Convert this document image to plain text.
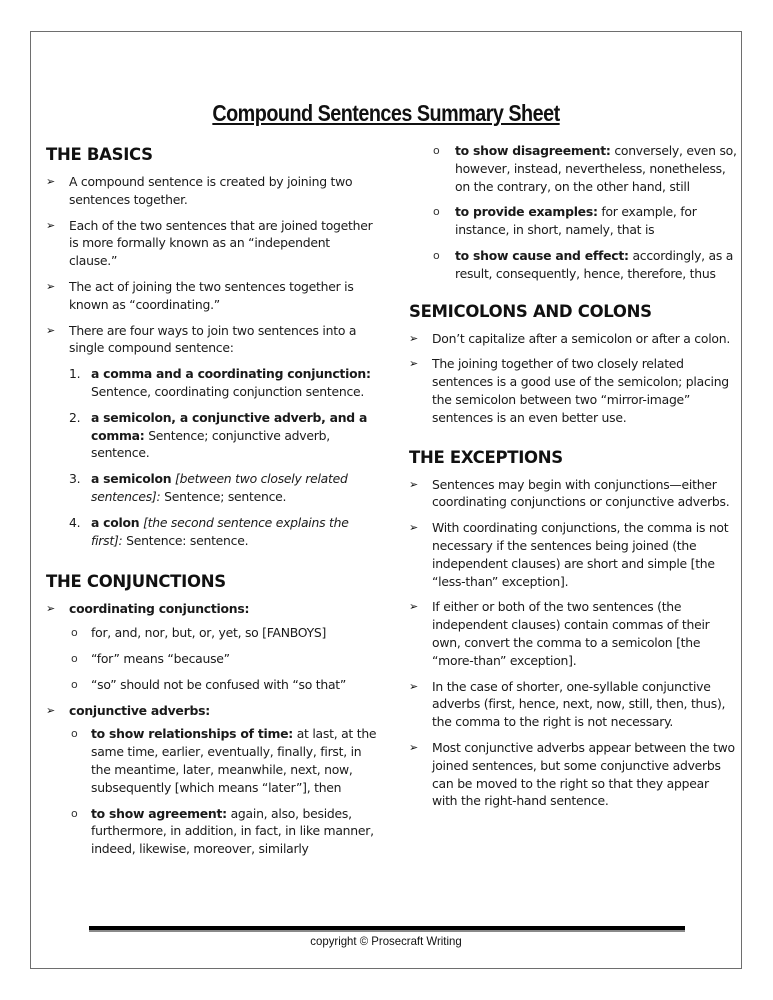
Compound Sentences Summary Sheet
THE BASICS
➢ A compound sentence is created by joining two sentences together.
➢ Each of the two sentences that are joined together is more formally known as an “independent clause.”
➢ The act of joining the two sentences together is known as “coordinating.”
➢ There are four ways to join two sentences into a single compound sentence:
1. a comma and a coordinating conjunction: Sentence, coordinating conjunction sentence.
2. a semicolon, a conjunctive adverb, and a comma: Sentence; conjunctive adverb, sentence.
3. a semicolon [between two closely related sentences]: Sentence; sentence.
4. a colon [the second sentence explains the first]: Sentence: sentence.
THE CONJUNCTIONS
➢ coordinating conjunctions:
o for, and, nor, but, or, yet, so [FANBOYS]
o “for” means “because”
o “so” should not be confused with “so that”
➢ conjunctive adverbs:
o to show relationships of time: at last, at the same time, earlier, eventually, finally, first, in the meantime, later, meanwhile, next, now, subsequently [which means “later”], then
o to show agreement: again, also, besides, furthermore, in addition, in fact, in like manner, indeed, likewise, moreover, similarly
o to show disagreement: conversely, even so, however, instead, nevertheless, nonetheless, on the contrary, on the other hand, still
o to provide examples: for example, for instance, in short, namely, that is
o to show cause and effect: accordingly, as a result, consequently, hence, therefore, thus
SEMICOLONS AND COLONS
➢ Don’t capitalize after a semicolon or after a colon.
➢ The joining together of two closely related sentences is a good use of the semicolon; placing the semicolon between two “mirror-image” sentences is an even better use.
THE EXCEPTIONS
➢ Sentences may begin with conjunctions—either coordinating conjunctions or conjunctive adverbs.
➢ With coordinating conjunctions, the comma is not necessary if the sentences being joined (the independent clauses) are short and simple [the “less-than” exception].
➢ If either or both of the two sentences (the independent clauses) contain commas of their own, convert the comma to a semicolon [the “more-than” exception].
➢ In the case of shorter, one-syllable conjunctive adverbs (first, hence, next, now, still, then, thus), the comma to the right is not necessary.
➢ Most conjunctive adverbs appear between the two joined sentences, but some conjunctive adverbs can be moved to the right so that they appear with the right-hand sentence.
copyright © Prosecraft Writing
